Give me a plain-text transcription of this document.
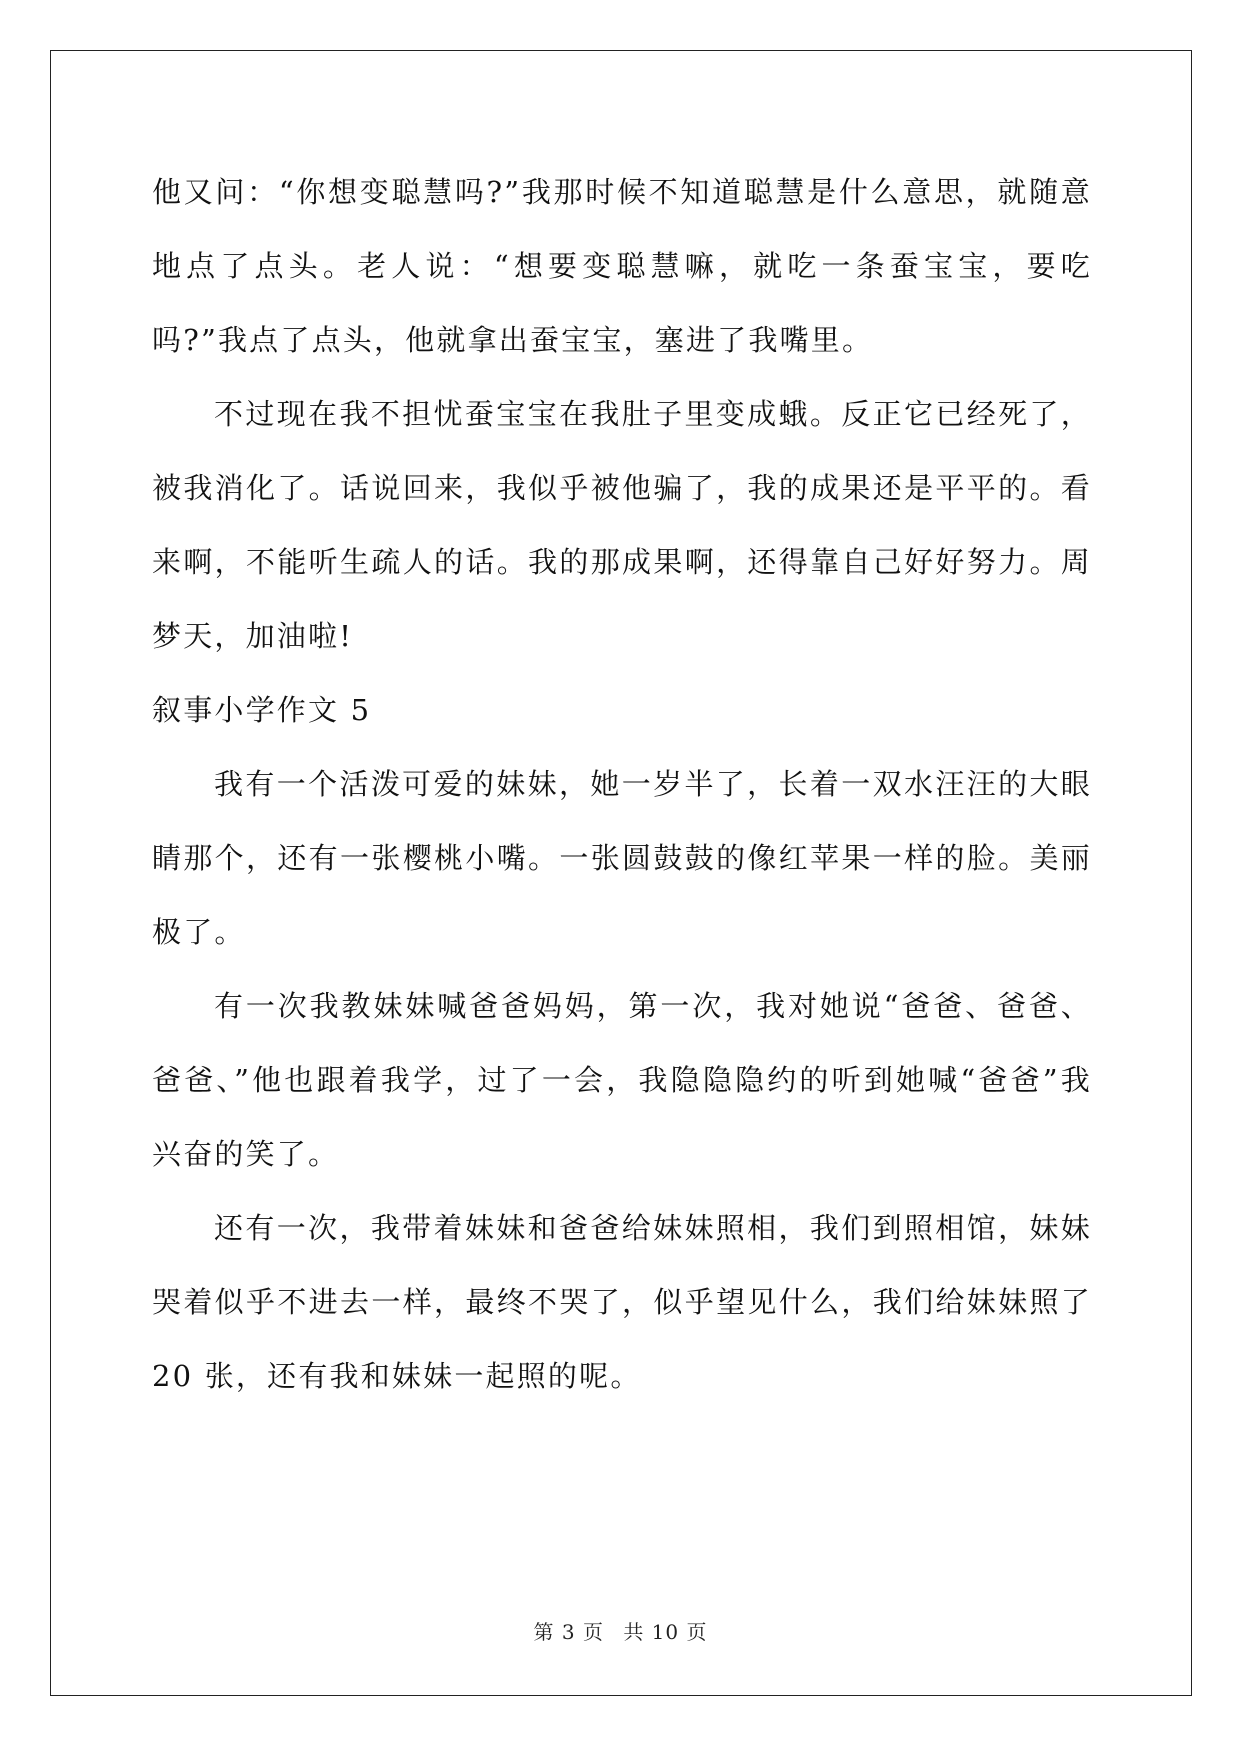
他又问：“你想变聪慧吗?”我那时候不知道聪慧是什么意思，就随意地点了点头。老人说：“想要变聪慧嘛，就吃一条蚕宝宝，要吃吗?”我点了点头，他就拿出蚕宝宝，塞进了我嘴里。

不过现在我不担忧蚕宝宝在我肚子里变成蛾。反正它已经死了，被我消化了。话说回来，我似乎被他骗了，我的成果还是平平的。看来啊，不能听生疏人的话。我的那成果啊，还得靠自己好好努力。周梦天，加油啦!

叙事小学作文 5

我有一个活泼可爱的妹妹，她一岁半了，长着一双水汪汪的大眼睛那个，还有一张樱桃小嘴。一张圆鼓鼓的像红苹果一样的脸。美丽极了。

有一次我教妹妹喊爸爸妈妈，第一次，我对她说“爸爸、爸爸、爸爸、”他也跟着我学，过了一会，我隐隐隐约的听到她喊“爸爸”我兴奋的笑了。

还有一次，我带着妹妹和爸爸给妹妹照相，我们到照相馆，妹妹哭着似乎不进去一样，最终不哭了，似乎望见什么，我们给妹妹照了 20 张，还有我和妹妹一起照的呢。

第 3 页 共 10 页
